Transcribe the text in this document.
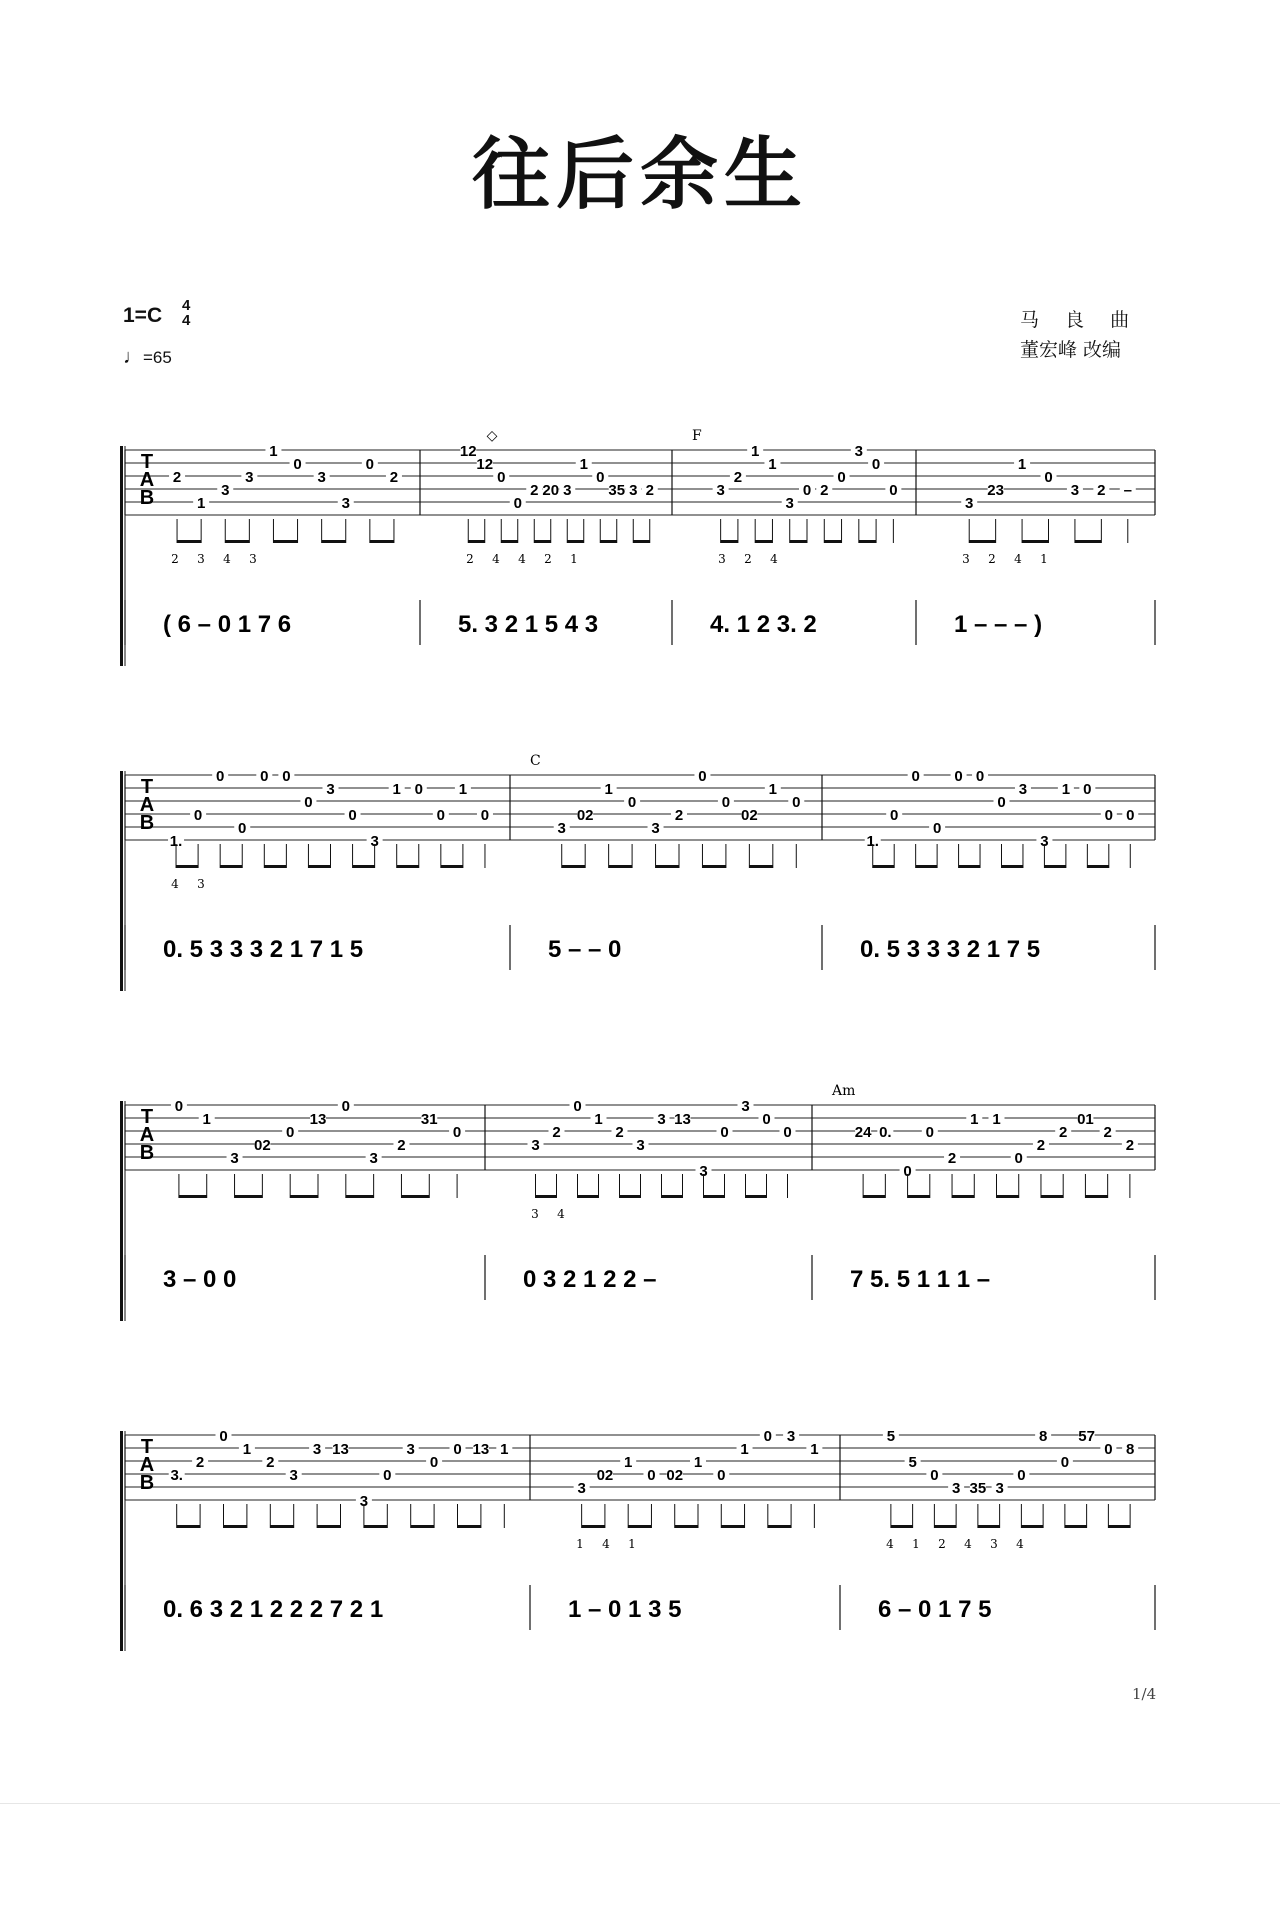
往后余生
1=C 4
4
♩=65
马 良 曲
董宏峰 改编
T
A
B
2
1
3
3
1
0
3
3
0
2
2 3 4 3
( 6 – 0 1 7 6
◇
12
12
0
0
2 20 3
1
0
35 3 2
2 4 4 2 1
5. 3 2 1 5 4 3
F
3
2
1
1
3
0 2
0
3
0
0
3 2 4
4. 1 2 3. 2
3
23
1
0
3 2 –
3 2 4 1
1 – – – )
T
A
B
1.
0
0
0
0 0
0
3
0
3
1 0
0
1
0
4 3
0. 5 3 3 3 2 1 7 1 5
C
3
02
1
0
3
2
0
0
02
1
0
5 – – 0
1.
0
0
0
0 0
0
3
3
1 0
0 0
0. 5 3 3 3 2 1 7 5
T
A
B
0
1
3
02
0
13
0
3
2
31
0
3 – 0 0
3
2
0
1
2
3
3 13
3
0
3
0
0
3 4
0 3 2 1 2 2 –
Am
24 0.
0
0
2
1 1
0
2
2
01
2
2
7 5. 5 1 1 1 –
T
A
B 3.
2
0
1
2
3
3 13
3
0
3
0
0 13 1
0. 6 3 2 1 2 2 2 7 2 1
3
02
1
0 02
1
0
1
0 3
1
1 4 1
1 – 0 1 3 5
5
5
0
3 35 3
0
8
0
57
0 8
4 1 2 4 3 4
6 – 0 1 7 5
1/4
